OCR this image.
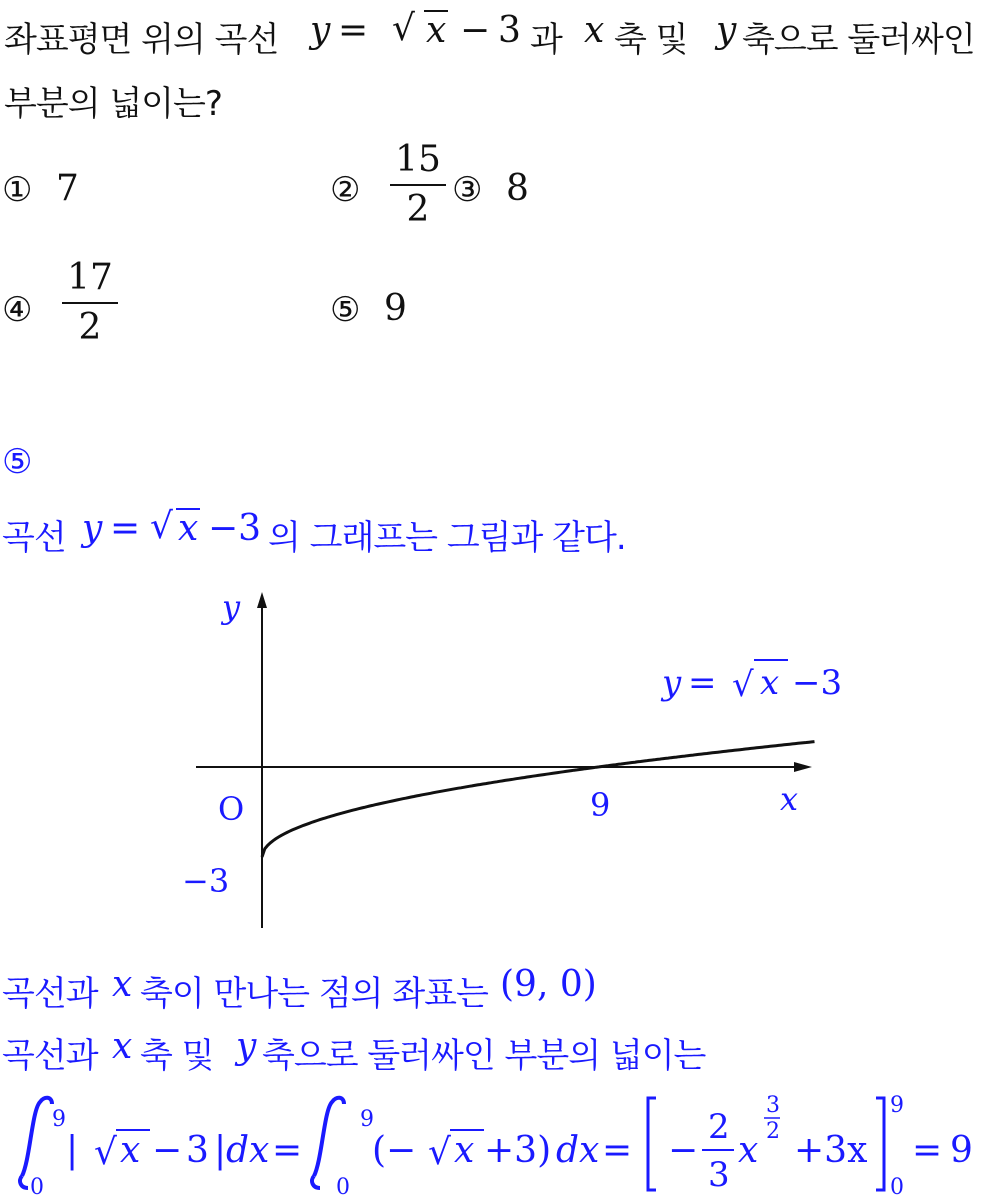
좌표평면 위의 곡선 y = √ x − 3 과 x 축 및 y 축으로 둘러싸인
부분의 넓이는?
① 7	②
15
2 ③ 8
④
17
2	⑤ 9
⑤
곡선 y = √ x −3 의 그래프는 그림과 같다.
y
x
O	9
−3
y = √ x −3
곡선과 x 축이 만나는 점의 좌표는 (9, 0)
곡선과 x 축 및 y 축으로 둘러싸인 부분의 넓이는
9
0
| √ x − 3 | dx =
9
0
(− √ x +3) dx = −
2
3
x
3
2 +3x
9
0
= 9
